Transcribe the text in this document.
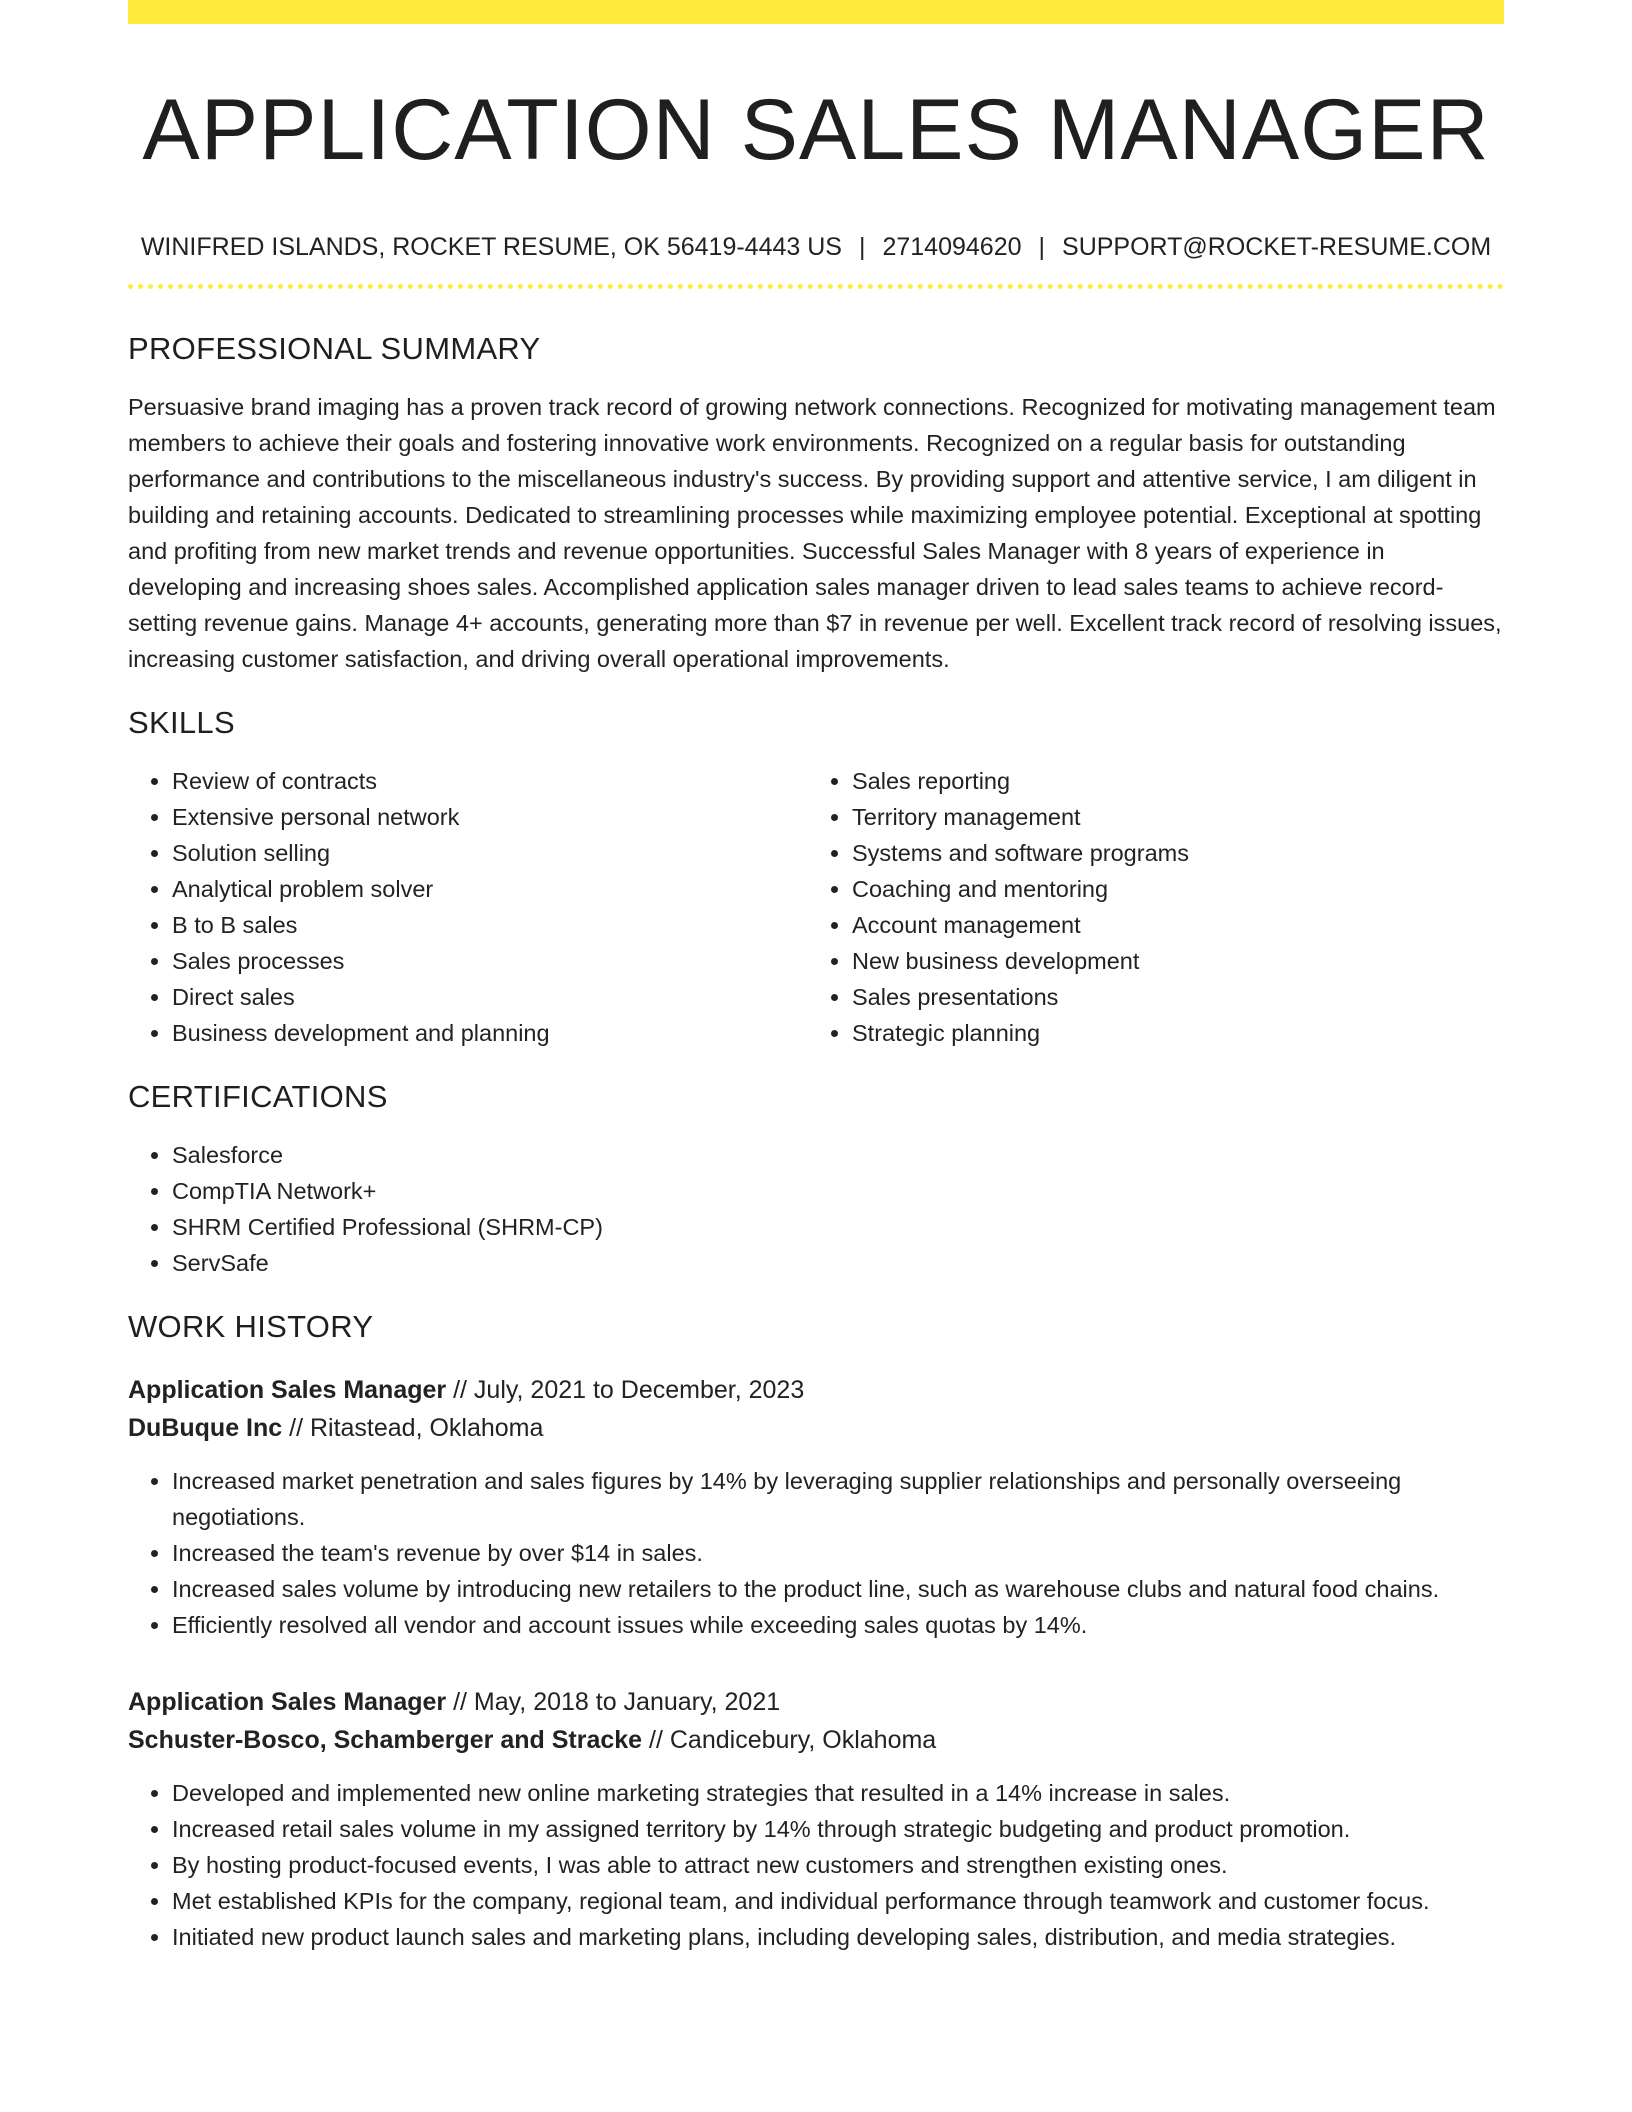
APPLICATION SALES MANAGER
WINIFRED ISLANDS, ROCKET RESUME, OK 56419-4443 US | 2714094620 | SUPPORT@ROCKET-RESUME.COM
PROFESSIONAL SUMMARY

Persuasive brand imaging has a proven track record of growing network connections. Recognized for motivating management team members to achieve their goals and fostering innovative work environments. Recognized on a regular basis for outstanding performance and contributions to the miscellaneous industry's success. By providing support and attentive service, I am diligent in building and retaining accounts. Dedicated to streamlining processes while maximizing employee potential. Exceptional at spotting and profiting from new market trends and revenue opportunities. Successful Sales Manager with 8 years of experience in developing and increasing shoes sales. Accomplished application sales manager driven to lead sales teams to achieve record-setting revenue gains. Manage 4+ accounts, generating more than $7 in revenue per well. Excellent track record of resolving issues, increasing customer satisfaction, and driving overall operational improvements.

SKILLS
• Review of contracts
• Extensive personal network
• Solution selling
• Analytical problem solver
• B to B sales
• Sales processes
• Direct sales
• Business development and planning
• Sales reporting
• Territory management
• Systems and software programs
• Coaching and mentoring
• Account management
• New business development
• Sales presentations
• Strategic planning
CERTIFICATIONS
• Salesforce
• CompTIA Network+
• SHRM Certified Professional (SHRM-CP)
• ServSafe
WORK HISTORY
Application Sales Manager // July, 2021 to December, 2023
DuBuque Inc // Ritastead, Oklahoma
• Increased market penetration and sales figures by 14% by leveraging supplier relationships and personally overseeing negotiations.
• Increased the team's revenue by over $14 in sales.
• Increased sales volume by introducing new retailers to the product line, such as warehouse clubs and natural food chains.
• Efficiently resolved all vendor and account issues while exceeding sales quotas by 14%.
Application Sales Manager // May, 2018 to January, 2021
Schuster-Bosco, Schamberger and Stracke // Candicebury, Oklahoma
• Developed and implemented new online marketing strategies that resulted in a 14% increase in sales.
• Increased retail sales volume in my assigned territory by 14% through strategic budgeting and product promotion.
• By hosting product-focused events, I was able to attract new customers and strengthen existing ones.
• Met established KPIs for the company, regional team, and individual performance through teamwork and customer focus.
• Initiated new product launch sales and marketing plans, including developing sales, distribution, and media strategies.
